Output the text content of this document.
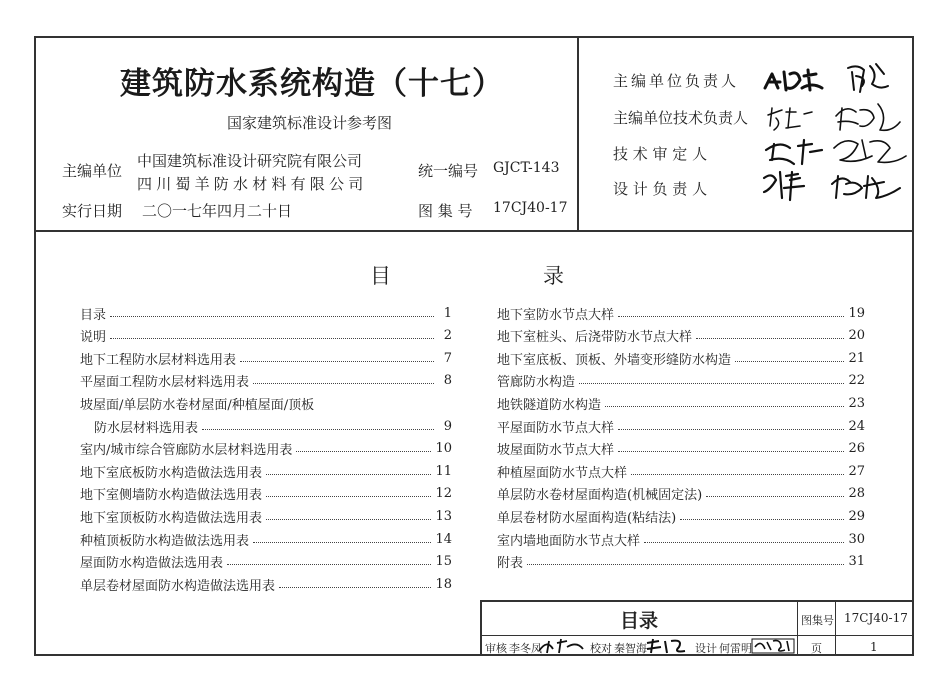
建筑防水系统构造（十七）
国家建筑标准设计参考图
主编单位
中国建筑标准设计研究院有限公司
四川蜀羊防水材料有限公司
实行日期 二〇一七年四月二十日
统一编号 GJCT-143
图 集 号 17CJ40-17
主编单位负责人
主编单位技术负责人
技 术 审 定 人
设 计 负 责 人
目	录
目录	1
说明	2
地下工程防水层材料选用表	7
平屋面工程防水层材料选用表	8
坡屋面/单层防水卷材屋面/种植屋面/顶板
防水层材料选用表	9
室内/城市综合管廊防水层材料选用表	10
地下室底板防水构造做法选用表	11
地下室侧墙防水构造做法选用表	12
地下室顶板防水构造做法选用表	13
种植顶板防水构造做法选用表	14
屋面防水构造做法选用表	15
单层卷材屋面防水构造做法选用表	18
地下室防水节点大样	19
地下室桩头、后浇带防水节点大样	20
地下室底板、顶板、外墙变形缝防水构造	21
管廊防水构造	22
地铁隧道防水构造	23
平屋面防水节点大样	24
坡屋面防水节点大样	26
种植屋面防水节点大样	27
单层防水卷材屋面构造(机械固定法)	28
单层卷材防水屋面构造(粘结法)	29
室内墙地面防水节点大样	30
附表	31
目录	图集号 17CJ40-17
页	1
审核 李冬凤	校对 秦智海	设计 何雷明
